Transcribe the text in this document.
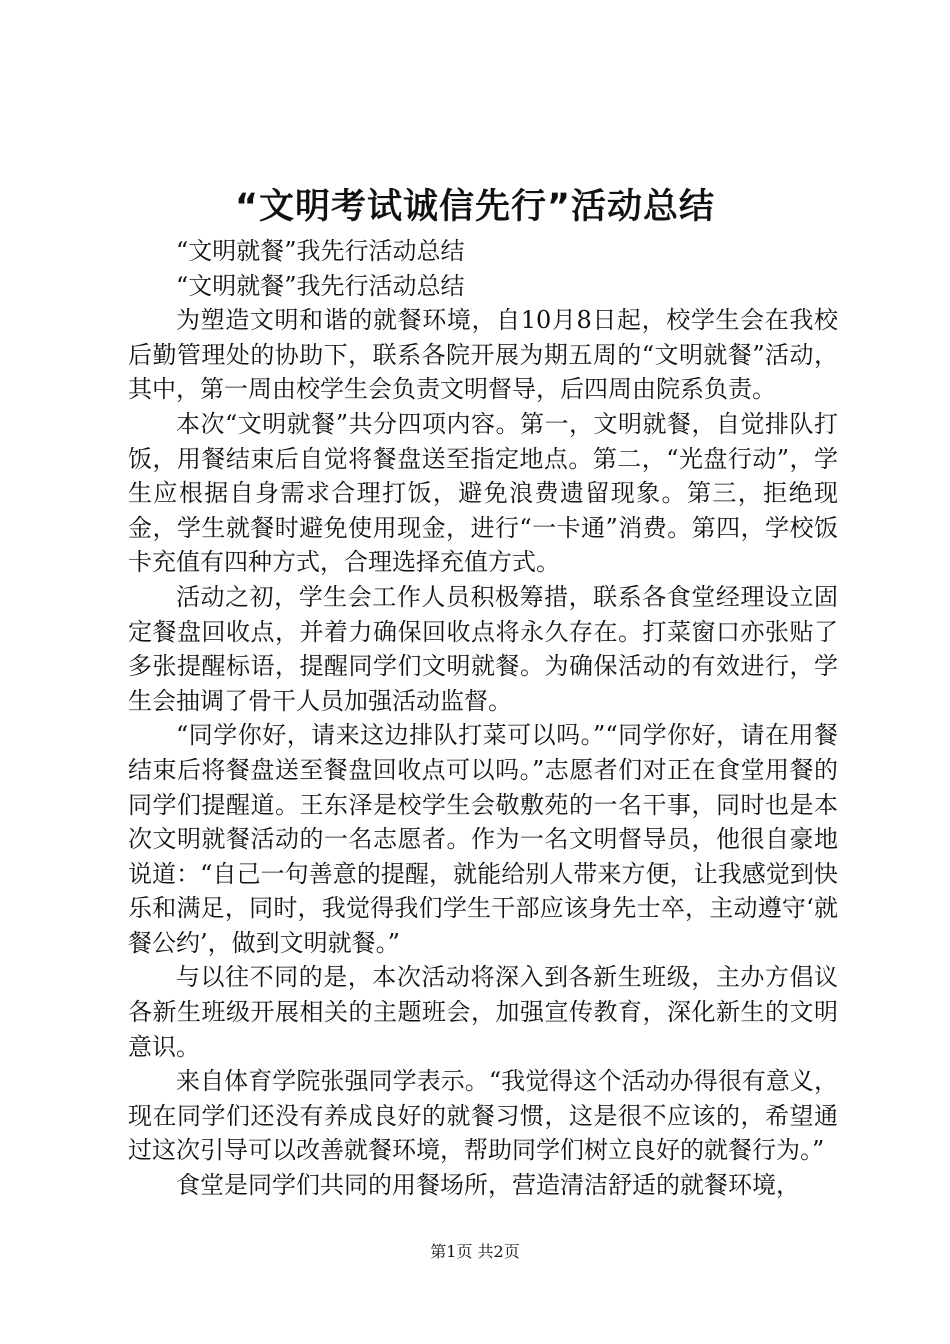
“文明考试诚信先行”活动总结

“文明就餐”我先行活动总结

“文明就餐”我先行活动总结

为塑造文明和谐的就餐环境，自10月8日起，校学生会在我校后勤管理处的协助下，联系各院开展为期五周的“文明就餐”活动，其中，第一周由校学生会负责文明督导，后四周由院系负责。

本次“文明就餐”共分四项内容。第一，文明就餐，自觉排队打饭，用餐结束后自觉将餐盘送至指定地点。第二，“光盘行动”，学生应根据自身需求合理打饭，避免浪费遗留现象。第三，拒绝现金，学生就餐时避免使用现金，进行“一卡通”消费。第四，学校饭卡充值有四种方式，合理选择充值方式。

活动之初，学生会工作人员积极筹措，联系各食堂经理设立固定餐盘回收点，并着力确保回收点将永久存在。打菜窗口亦张贴了多张提醒标语，提醒同学们文明就餐。为确保活动的有效进行，学生会抽调了骨干人员加强活动监督。

“同学你好，请来这边排队打菜可以吗。”“同学你好，请在用餐结束后将餐盘送至餐盘回收点可以吗。”志愿者们对正在食堂用餐的同学们提醒道。王东泽是校学生会敬敷苑的一名干事，同时也是本次文明就餐活动的一名志愿者。作为一名文明督导员，他很自豪地说道：“自己一句善意的提醒，就能给别人带来方便，让我感觉到快乐和满足，同时，我觉得我们学生干部应该身先士卒，主动遵守‘就餐公约’，做到文明就餐。”

与以往不同的是，本次活动将深入到各新生班级，主办方倡议各新生班级开展相关的主题班会，加强宣传教育，深化新生的文明意识。

来自体育学院张强同学表示。“我觉得这个活动办得很有意义，现在同学们还没有养成良好的就餐习惯，这是很不应该的，希望通过这次引导可以改善就餐环境，帮助同学们树立良好的就餐行为。”

食堂是同学们共同的用餐场所，营造清洁舒适的就餐环境，

第1页 共2页
